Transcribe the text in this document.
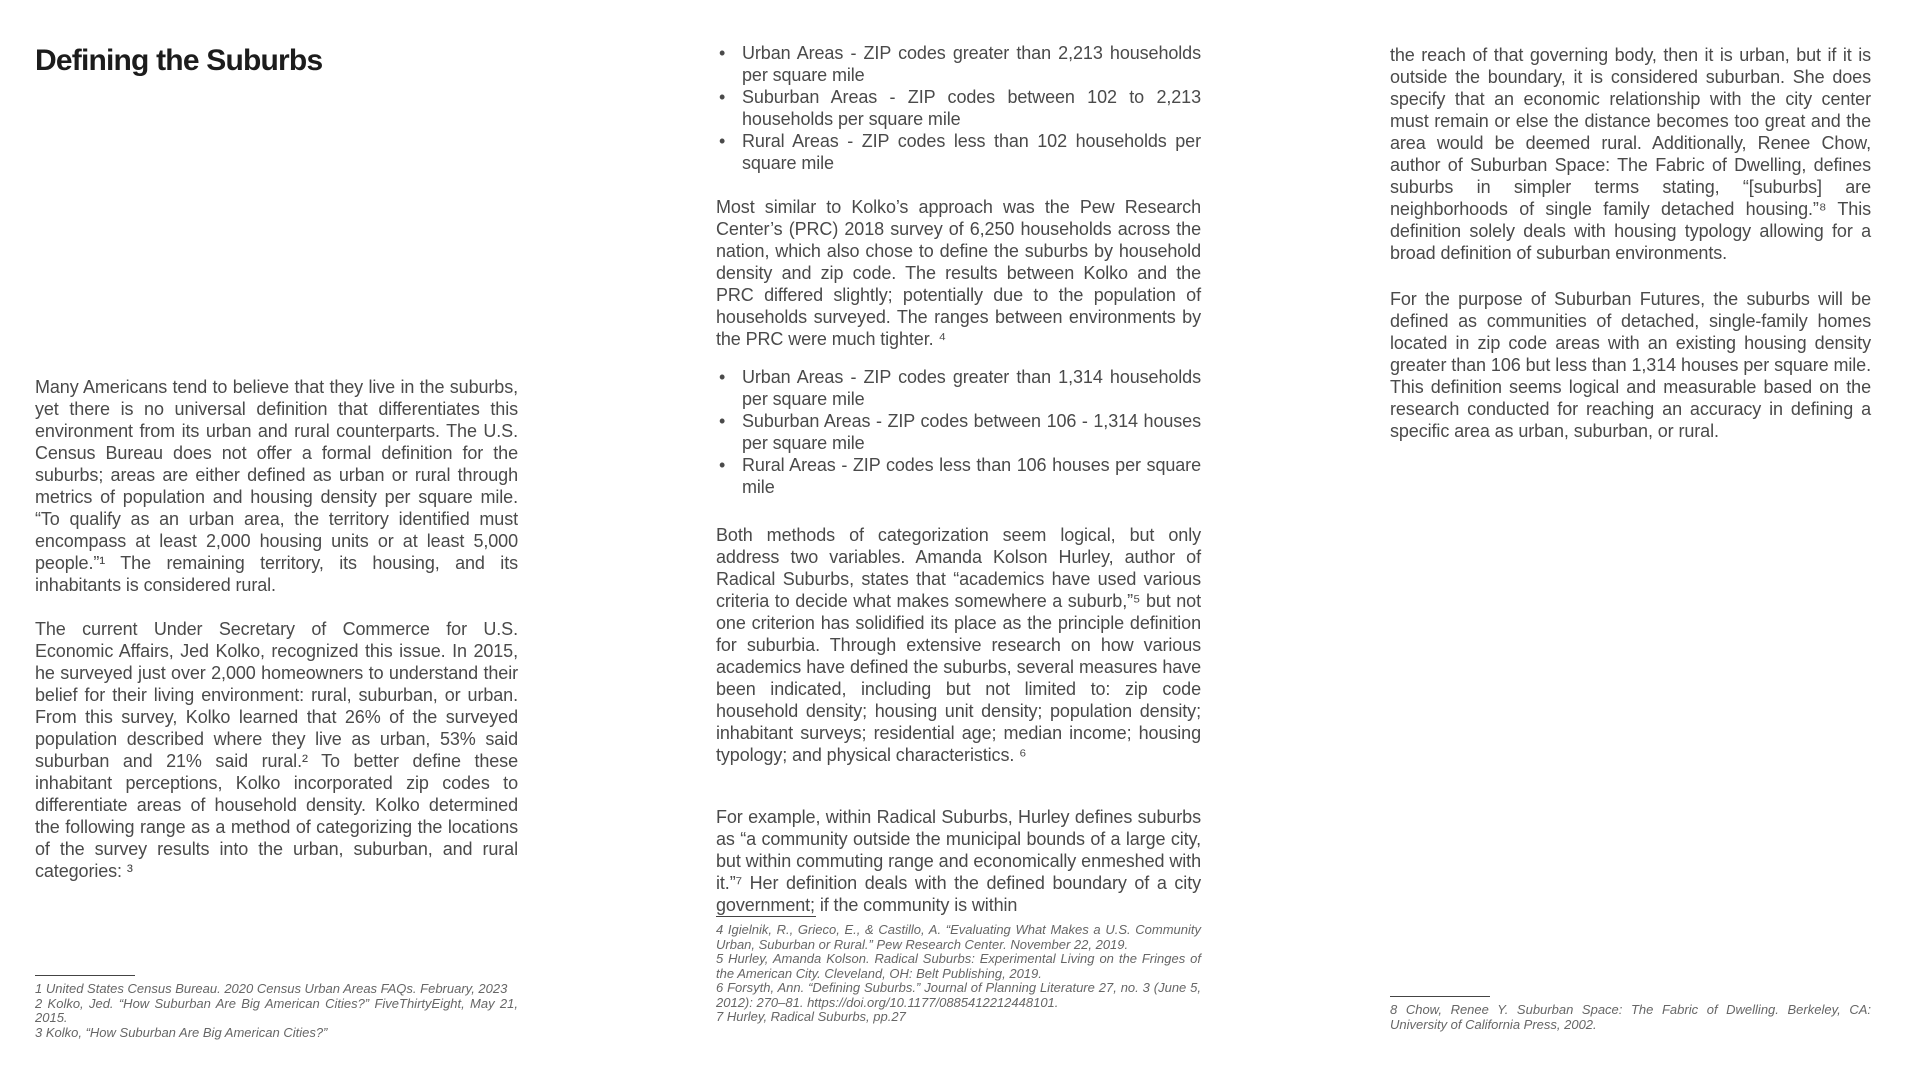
Defining the Suburbs

Many Americans tend to believe that they live in the suburbs, yet there is no universal definition that differentiates this environment from its urban and rural counterparts. The U.S. Census Bureau does not offer a formal definition for the suburbs; areas are either defined as urban or rural through metrics of population and housing density per square mile. “To qualify as an urban area, the territory identified must encompass at least 2,000 housing units or at least 5,000 people.”¹ The remaining territory, its housing, and its inhabitants is considered rural.

The current Under Secretary of Commerce for U.S. Economic Affairs, Jed Kolko, recognized this issue. In 2015, he surveyed just over 2,000 homeowners to understand their belief for their living environment: rural, suburban, or urban. From this survey, Kolko learned that 26% of the surveyed population described where they live as urban, 53% said suburban and 21% said rural.² To better define these inhabitant perceptions, Kolko incorporated zip codes to differentiate areas of household density. Kolko determined the following range as a method of categorizing the locations of the survey results into the urban, suburban, and rural categories: ³

1 United States Census Bureau. 2020 Census Urban Areas FAQs. February, 2023

2 Kolko, Jed. “How Suburban Are Big American Cities?” FiveThirtyEight, May 21, 2015.

3 Kolko, “How Suburban Are Big American Cities?”

• Urban Areas - ZIP codes greater than 2,213 households per square mile
• Suburban Areas - ZIP codes between 102 to 2,213 households per square mile
• Rural Areas - ZIP codes less than 102 households per square mile

Most similar to Kolko’s approach was the Pew Research Center’s (PRC) 2018 survey of 6,250 households across the nation, which also chose to define the suburbs by household density and zip code. The results between Kolko and the PRC differed slightly; potentially due to the population of households surveyed. The ranges between environments by the PRC were much tighter. ⁴

• Urban Areas - ZIP codes greater than 1,314 households per square mile
• Suburban Areas - ZIP codes between 106 - 1,314 houses per square mile
• Rural Areas - ZIP codes less than 106 houses per square mile

Both methods of categorization seem logical, but only address two variables. Amanda Kolson Hurley, author of Radical Suburbs, states that “academics have used various criteria to decide what makes somewhere a suburb,”⁵ but not one criterion has solidified its place as the principle definition for suburbia. Through extensive research on how various academics have defined the suburbs, several measures have been indicated, including but not limited to: zip code household density; housing unit density; population density; inhabitant surveys; residential age; median income; housing typology; and physical characteristics. ⁶

For example, within Radical Suburbs, Hurley defines suburbs as “a community outside the municipal bounds of a large city, but within commuting range and economically enmeshed with it.”⁷ Her definition deals with the defined boundary of a city government; if the community is within

4 Igielnik, R., Grieco, E., & Castillo, A. “Evaluating What Makes a U.S. Community Urban, Suburban or Rural.” Pew Research Center. November 22, 2019.

5 Hurley, Amanda Kolson. Radical Suburbs: Experimental Living on the Fringes of the American City. Cleveland, OH: Belt Publishing, 2019.

6 Forsyth, Ann. “Defining Suburbs.” Journal of Planning Literature 27, no. 3 (June 5, 2012): 270–81. https://doi.org/10.1177/0885412212448101.

7 Hurley, Radical Suburbs, pp.27

the reach of that governing body, then it is urban, but if it is outside the boundary, it is considered suburban. She does specify that an economic relationship with the city center must remain or else the distance becomes too great and the area would be deemed rural. Additionally, Renee Chow, author of Suburban Space: The Fabric of Dwelling, defines suburbs in simpler terms stating, “[suburbs] are neighborhoods of single family detached housing.”⁸ This definition solely deals with housing typology allowing for a broad definition of suburban environments.

For the purpose of Suburban Futures, the suburbs will be defined as communities of detached, single-family homes located in zip code areas with an existing housing density greater than 106 but less than 1,314 houses per square mile. This definition seems logical and measurable based on the research conducted for reaching an accuracy in defining a specific area as urban, suburban, or rural.

8 Chow, Renee Y. Suburban Space: The Fabric of Dwelling. Berkeley, CA: University of California Press, 2002.
